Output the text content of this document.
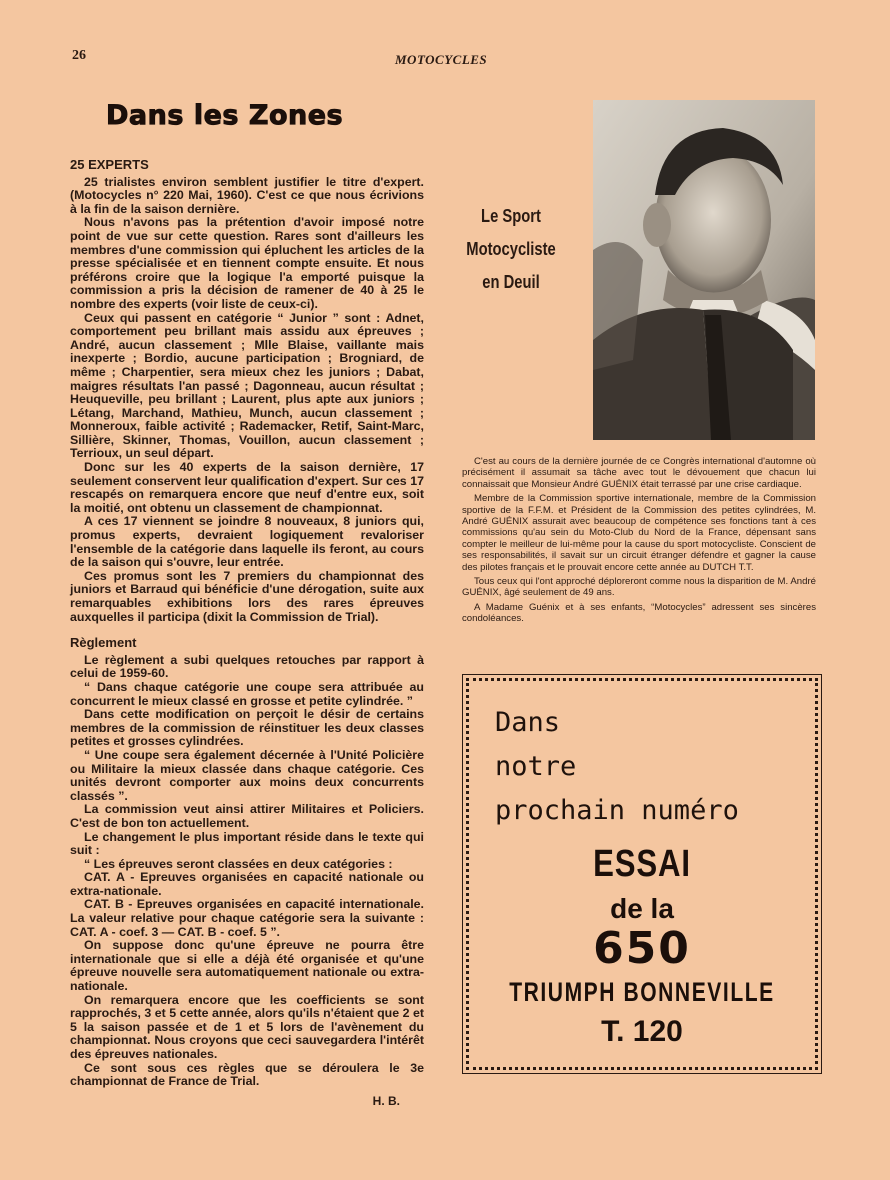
26	MOTOCYCLES
Dans les Zones
25 EXPERTS

25 trialistes environ semblent justifier le titre d'expert. (Motocycles n° 220 Mai, 1960). C'est ce que nous écrivions à la fin de la saison dernière.

Nous n'avons pas la prétention d'avoir imposé notre point de vue sur cette question. Rares sont d'ailleurs les membres d'une commission qui épluchent les articles de la presse spécialisée et en tiennent compte ensuite. Et nous préférons croire que la logique l'a emporté puisque la commission a pris la décision de ramener de 40 à 25 le nombre des experts (voir liste de ceux-ci).

Ceux qui passent en catégorie “ Junior ” sont : Adnet, comportement peu brillant mais assidu aux épreuves ; André, aucun classement ; Mlle Blaise, vaillante mais inexperte ; Bordio, aucune participation ; Brogniard, de même ; Charpentier, sera mieux chez les juniors ; Dabat, maigres résultats l'an passé ; Dagonneau, aucun résultat ; Heuqueville, peu brillant ; Laurent, plus apte aux juniors ; Létang, Marchand, Mathieu, Munch, aucun classement ; Monneroux, faible activité ; Rademacker, Retif, Saint-Marc, Sillière, Skinner, Thomas, Vouillon, aucun classement ; Terrioux, un seul départ.

Donc sur les 40 experts de la saison dernière, 17 seulement conservent leur qualification d'expert. Sur ces 17 rescapés on remarquera encore que neuf d'entre eux, soit la moitié, ont obtenu un classement de championnat.

A ces 17 viennent se joindre 8 nouveaux, 8 juniors qui, promus experts, devraient logiquement revaloriser l'ensemble de la catégorie dans laquelle ils feront, au cours de la saison qui s'ouvre, leur entrée.

Ces promus sont les 7 premiers du championnat des juniors et Barraud qui bénéficie d'une dérogation, suite aux remarquables exhibitions lors des rares épreuves auxquelles il participa (dixit la Commission de Trial).

Règlement

Le règlement a subi quelques retouches par rapport à celui de 1959-60.

“ Dans chaque catégorie une coupe sera attribuée au concurrent le mieux classé en grosse et petite cylindrée. ”

Dans cette modification on perçoit le désir de certains membres de la commission de réinstituer les deux classes petites et grosses cylindrées.

“ Une coupe sera également décernée à l'Unité Policière ou Militaire la mieux classée dans chaque catégorie. Ces unités devront comporter aux moins deux concurrents classés ”.

La commission veut ainsi attirer Militaires et Policiers. C'est de bon ton actuellement.

Le changement le plus important réside dans le texte qui suit :

“ Les épreuves seront classées en deux catégories :

CAT. A - Epreuves organisées en capacité nationale ou extra-nationale.

CAT. B - Epreuves organisées en capacité internationale. La valeur relative pour chaque catégorie sera la suivante : CAT. A - coef. 3 — CAT. B - coef. 5 ”.

On suppose donc qu'une épreuve ne pourra être internationale que si elle a déjà été organisée et qu'une épreuve nouvelle sera automatiquement nationale ou extra-nationale.

On remarquera encore que les coefficients se sont rapprochés, 3 et 5 cette année, alors qu'ils n'étaient que 2 et 5 la saison passée et de 1 et 5 lors de l'avènement du championnat. Nous croyons que ceci sauvegardera l'intérêt des épreuves nationales.

Ce sont sous ces règles que se déroulera le 3e championnat de France de Trial.

H. B.
Le Sport
Motocycliste
en Deuil

C'est au cours de la dernière journée de ce Congrès international d'automne où précisément il assumait sa tâche avec tout le dévouement que chacun lui connaissait que Monsieur André GUÉNIX était terrassé par une crise cardiaque.

Membre de la Commission sportive internationale, membre de la Commission sportive de la F.F.M. et Président de la Commission des petites cylindrées, M. André GUÉNIX assurait avec beaucoup de compétence ses fonctions tant à ces commissions qu'au sein du Moto-Club du Nord de la France, dépensant sans compter le meilleur de lui-même pour la cause du sport motocycliste. Conscient de ses responsabilités, il savait sur un circuit étranger défendre et gagner la cause des pilotes français et le prouvait encore cette année au DUTCH T.T.

Tous ceux qui l'ont approché déploreront comme nous la disparition de M. André GUÉNIX, âgé seulement de 49 ans.

A Madame Guénix et à ses enfants, “Motocycles” adressent ses sincères condoléances.

Dans
notre
prochain numéro
ESSAI
de la
650
TRIUMPH BONNEVILLE
T. 120
